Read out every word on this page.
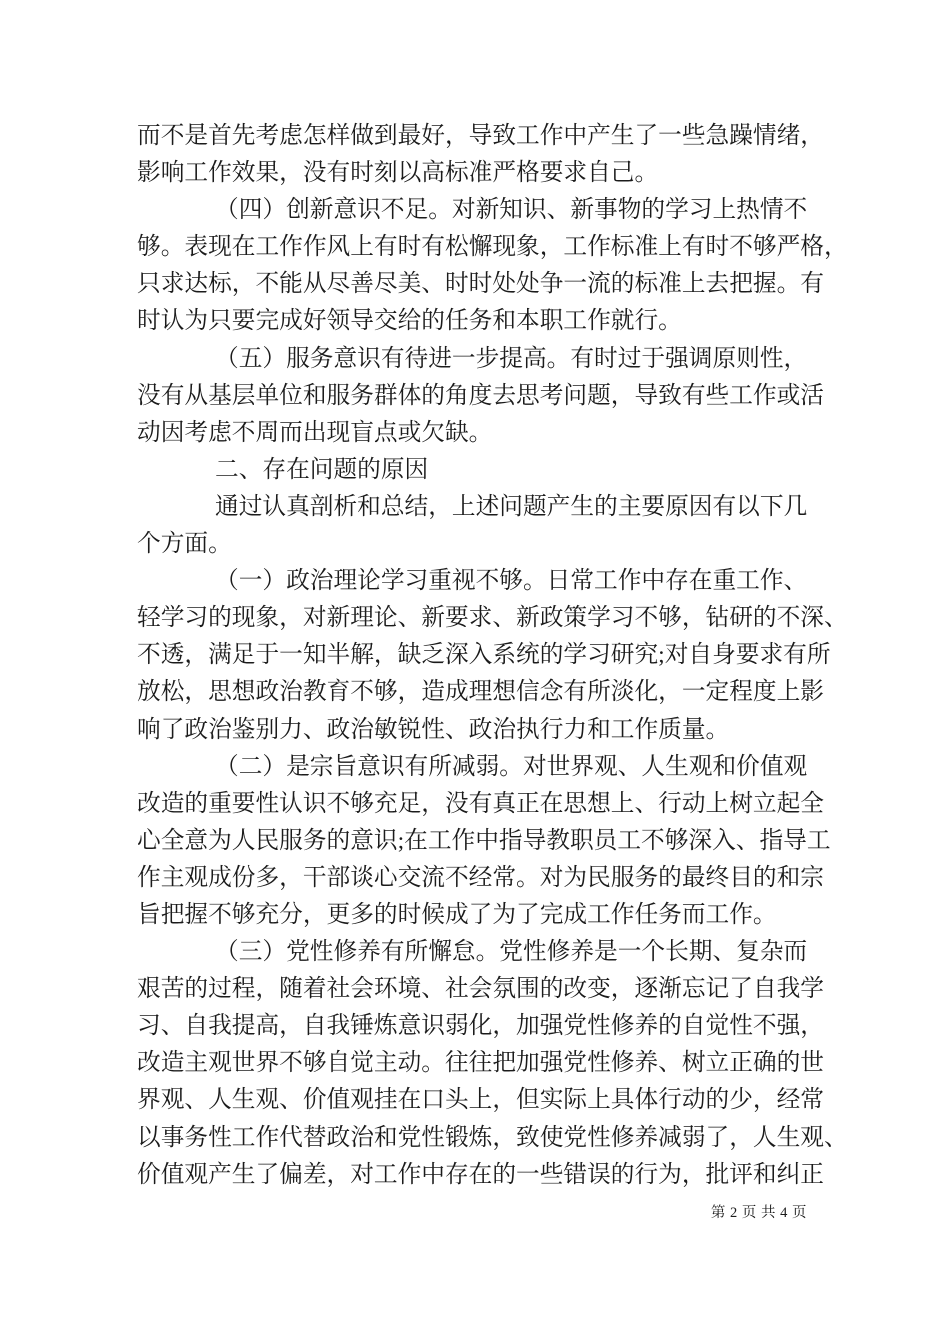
而不是首先考虑怎样做到最好，导致工作中产生了一些急躁情绪，
影响工作效果，没有时刻以高标准严格要求自己。
（四）创新意识不足。对新知识、新事物的学习上热情不
够。表现在工作作风上有时有松懈现象，工作标准上有时不够严格，
只求达标，不能从尽善尽美、时时处处争一流的标准上去把握。有
时认为只要完成好领导交给的任务和本职工作就行。
（五）服务意识有待进一步提高。有时过于强调原则性，
没有从基层单位和服务群体的角度去思考问题，导致有些工作或活
动因考虑不周而出现盲点或欠缺。
二、存在问题的原因
通过认真剖析和总结，上述问题产生的主要原因有以下几
个方面。
（一）政治理论学习重视不够。日常工作中存在重工作、
轻学习的现象，对新理论、新要求、新政策学习不够，钻研的不深、
不透，满足于一知半解，缺乏深入系统的学习研究;对自身要求有所
放松，思想政治教育不够，造成理想信念有所淡化，一定程度上影
响了政治鉴别力、政治敏锐性、政治执行力和工作质量。
（二）是宗旨意识有所减弱。对世界观、人生观和价值观
改造的重要性认识不够充足，没有真正在思想上、行动上树立起全
心全意为人民服务的意识;在工作中指导教职员工不够深入、指导工
作主观成份多，干部谈心交流不经常。对为民服务的最终目的和宗
旨把握不够充分，更多的时候成了为了完成工作任务而工作。
（三）党性修养有所懈怠。党性修养是一个长期、复杂而
艰苦的过程，随着社会环境、社会氛围的改变，逐渐忘记了自我学
习、自我提高，自我锤炼意识弱化，加强党性修养的自觉性不强，
改造主观世界不够自觉主动。往往把加强党性修养、树立正确的世
界观、人生观、价值观挂在口头上，但实际上具体行动的少，经常
以事务性工作代替政治和党性锻炼，致使党性修养减弱了，人生观、
价值观产生了偏差，对工作中存在的一些错误的行为，批评和纠正
第 2 页 共 4 页
